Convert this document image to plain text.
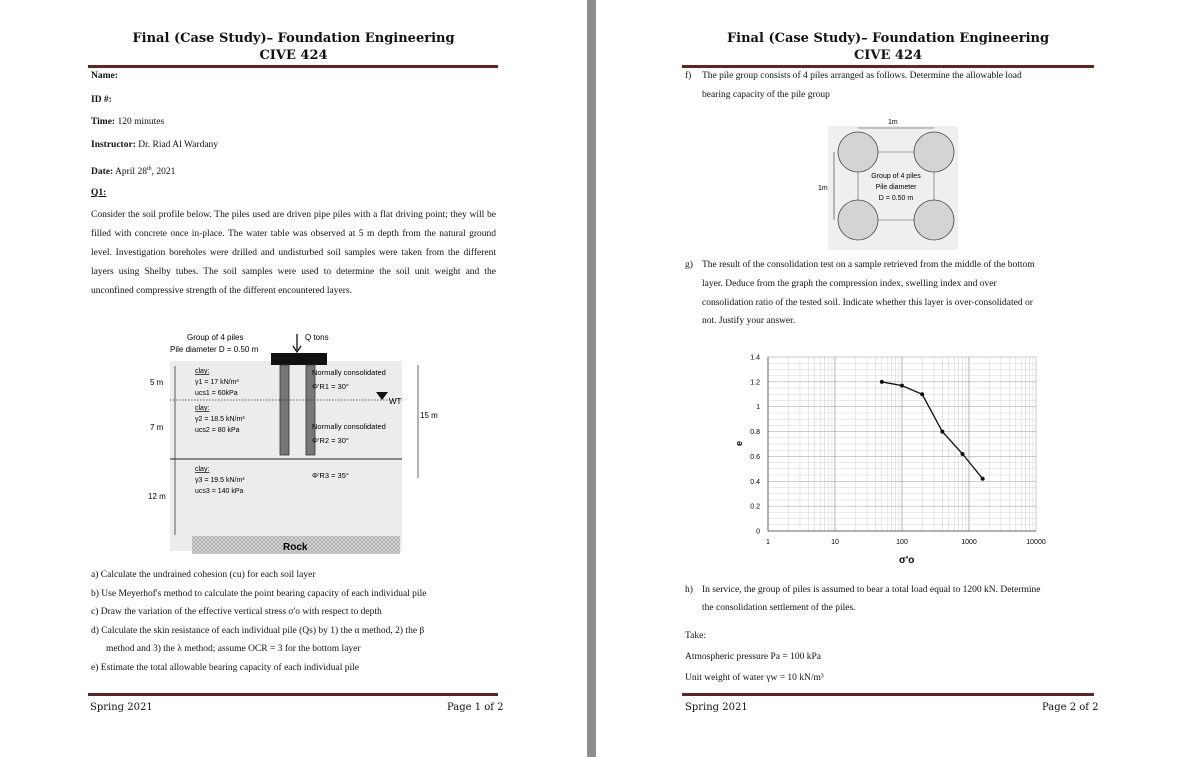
Final (Case Study)– Foundation Engineering
CIVE 424
Name:
ID #:
Time: 120 minutes
Instructor: Dr. Riad Al Wardany
Date: April 28th, 2021
Q1:
Consider the soil profile below. The piles used are driven pipe piles with a flat driving point; they will be filled with concrete once in-place. The water table was observed at 5 m depth from the natural ground level. Investigation boreholes were drilled and undisturbed soil samples were taken from the different layers using Shelby tubes. The soil samples were used to determine the soil unit weight and the unconfined compressive strength of the different encountered layers.
Group of 4 piles
Pile diameter D = 0.50 m
Q tons
Rock
5 m
7 m
12 m
15 m
WT
clay:
γ1 = 17 kN/m³
ucs1 = 60kPa
Normally consolidated
Φ'R1 = 30°
clay:
γ2 = 18.5 kN/m³
ucs2 = 80 kPa	Normally consolidated
Φ'R2 = 30°
clay:
γ3 = 19.5 kN/m³
ucs3 = 140 kPa
Φ'R3 = 35°
a) Calculate the undrained cohesion (cu) for each soil layer
b) Use Meyerhof's method to calculate the point bearing capacity of each individual pile
c) Draw the variation of the effective vertical stress σ'o with respect to depth
d) Calculate the skin resistance of each individual pile (Qs) by 1) the α method, 2) the β
method and 3) the λ method; assume OCR = 3 for the bottom layer
e) Estimate the total allowable bearing capacity of each individual pile
Spring 2021	Page 1 of 2
Final (Case Study)– Foundation Engineering
CIVE 424
f) The pile group consists of 4 piles arranged as follows. Determine the allowable load
bearing capacity of the pile group
1m
1m
Group of 4 piles
Pile diameter
D = 0.50 m
g) The result of the consolidation test on a sample retrieved from the middle of the bottom
layer. Deduce from the graph the compression index, swelling index and over
consolidation ratio of the tested soil. Indicate whether this layer is over-consolidated or
not. Justify your answer.
1	10	100	1000	10000
0
0.2
0.4
0.6
0.8
1
1.2
1.4
e
σ'o
h) In service, the group of piles is assumed to bear a total load equal to 1200 kN. Determine
the consolidation settlement of the piles.
Take:
Atmospheric pressure Pa = 100 kPa
Unit weight of water γw = 10 kN/m³
Spring 2021	Page 2 of 2
